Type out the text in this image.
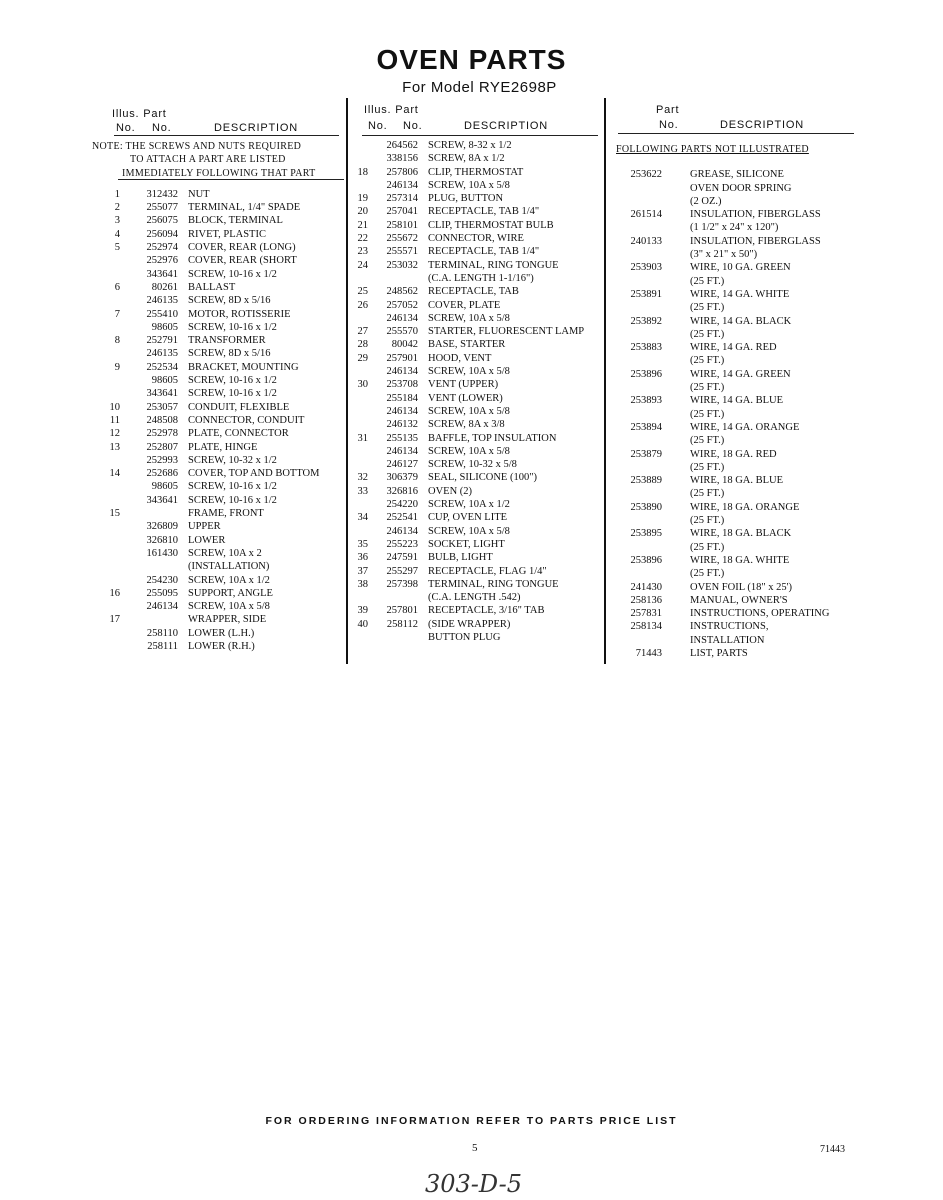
OVEN PARTS
For Model RYE2698P
Illus. Part
No. No.	DESCRIPTION
NOTE: THE SCREWS AND NUTS REQUIRED
TO ATTACH A PART ARE LISTED
IMMEDIATELY FOLLOWING THAT PART
1	312432 NUT
2	255077 TERMINAL, 1/4" SPADE
3	256075 BLOCK, TERMINAL
4	256094 RIVET, PLASTIC
5	252974 COVER, REAR (LONG)
252976 COVER, REAR (SHORT
343641 SCREW, 10-16 x 1/2
6	80261 BALLAST
246135 SCREW, 8D x 5/16
7	255410 MOTOR, ROTISSERIE
98605 SCREW, 10-16 x 1/2
8	252791 TRANSFORMER
246135 SCREW, 8D x 5/16
9	252534 BRACKET, MOUNTING
98605 SCREW, 10-16 x 1/2
343641 SCREW, 10-16 x 1/2
10	253057 CONDUIT, FLEXIBLE
11	248508 CONNECTOR, CONDUIT
12	252978 PLATE, CONNECTOR
13	252807 PLATE, HINGE
252993 SCREW, 10-32 x 1/2
14	252686 COVER, TOP AND BOTTOM
98605 SCREW, 10-16 x 1/2
343641 SCREW, 10-16 x 1/2
15	FRAME, FRONT
326809 UPPER
326810 LOWER
161430 SCREW, 10A x 2
(INSTALLATION)
254230 SCREW, 10A x 1/2
16	255095 SUPPORT, ANGLE
246134 SCREW, 10A x 5/8
17	WRAPPER, SIDE
258110 LOWER (L.H.)
258111 LOWER (R.H.)
Illus. Part
No. No.	DESCRIPTION
264562 SCREW, 8-32 x 1/2
338156 SCREW, 8A x 1/2
18	257806 CLIP, THERMOSTAT
246134 SCREW, 10A x 5/8
19	257314 PLUG, BUTTON
20	257041 RECEPTACLE, TAB 1/4"
21	258101 CLIP, THERMOSTAT BULB
22	255672 CONNECTOR, WIRE
23	255571 RECEPTACLE, TAB 1/4"
24	253032 TERMINAL, RING TONGUE
(C.A. LENGTH 1-1/16")
25	248562 RECEPTACLE, TAB
26	257052 COVER, PLATE
246134 SCREW, 10A x 5/8
27	255570 STARTER, FLUORESCENT LAMP
28	80042 BASE, STARTER
29	257901 HOOD, VENT
246134 SCREW, 10A x 5/8
30	253708 VENT (UPPER)
255184 VENT (LOWER)
246134 SCREW, 10A x 5/8
246132 SCREW, 8A x 3/8
31	255135 BAFFLE, TOP INSULATION
246134 SCREW, 10A x 5/8
246127 SCREW, 10-32 x 5/8
32	306379 SEAL, SILICONE (100")
33	326816 OVEN (2)
254220 SCREW, 10A x 1/2
34	252541 CUP, OVEN LITE
246134 SCREW, 10A x 5/8
35	255223 SOCKET, LIGHT
36	247591 BULB, LIGHT
37	255297 RECEPTACLE, FLAG 1/4"
38	257398 TERMINAL, RING TONGUE
(C.A. LENGTH .542)
39	257801 RECEPTACLE, 3/16" TAB
40	258112 (SIDE WRAPPER)
BUTTON PLUG
Part
No.	DESCRIPTION
FOLLOWING PARTS NOT ILLUSTRATED
253622	GREASE, SILICONE
OVEN DOOR SPRING
(2 OZ.)
261514	INSULATION, FIBERGLASS
(1 1/2" x 24" x 120")
240133	INSULATION, FIBERGLASS
(3" x 21" x 50")
253903	WIRE, 10 GA. GREEN
(25 FT.)
253891	WIRE, 14 GA. WHITE
(25 FT.)
253892	WIRE, 14 GA. BLACK
(25 FT.)
253883	WIRE, 14 GA. RED
(25 FT.)
253896	WIRE, 14 GA. GREEN
(25 FT.)
253893	WIRE, 14 GA. BLUE
(25 FT.)
253894	WIRE, 14 GA. ORANGE
(25 FT.)
253879	WIRE, 18 GA. RED
(25 FT.)
253889	WIRE, 18 GA. BLUE
(25 FT.)
253890	WIRE, 18 GA. ORANGE
(25 FT.)
253895	WIRE, 18 GA. BLACK
(25 FT.)
253896	WIRE, 18 GA. WHITE
(25 FT.)
241430	OVEN FOIL (18" x 25')
258136	MANUAL, OWNER'S
257831	INSTRUCTIONS, OPERATING
258134	INSTRUCTIONS,
INSTALLATION
71443	LIST, PARTS
FOR ORDERING INFORMATION REFER TO PARTS PRICE LIST
5	71443
303-D-5
